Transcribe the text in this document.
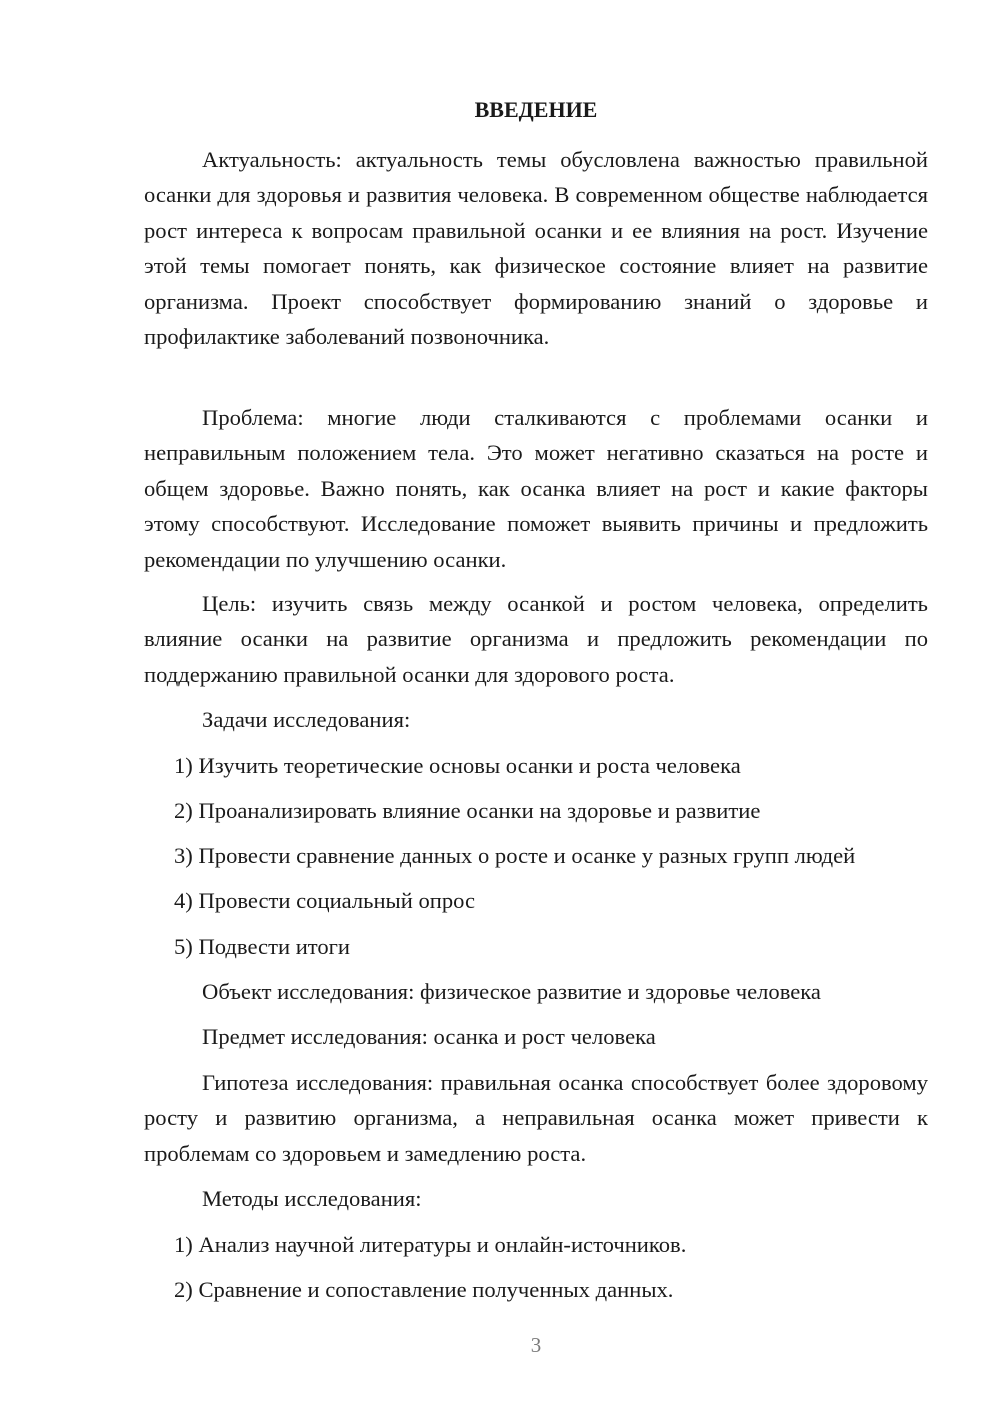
ВВЕДЕНИЕ

Актуальность: актуальность темы обусловлена важностью правильной осанки для здоровья и развития человека. В современном обществе наблюдается рост интереса к вопросам правильной осанки и ее влияния на рост. Изучение этой темы помогает понять, как физическое состояние влияет на развитие организма. Проект способствует формированию знаний о здоровье и профилактике заболеваний позвоночника.

Проблема: многие люди сталкиваются с проблемами осанки и неправильным положением тела. Это может негативно сказаться на росте и общем здоровье. Важно понять, как осанка влияет на рост и какие факторы этому способствуют. Исследование поможет выявить причины и предложить рекомендации по улучшению осанки.

Цель: изучить связь между осанкой и ростом человека, определить влияние осанки на развитие организма и предложить рекомендации по поддержанию правильной осанки для здорового роста.

Задачи исследования:
1) Изучить теоретические основы осанки и роста человека
2) Проанализировать влияние осанки на здоровье и развитие
3) Провести сравнение данных о росте и осанке у разных групп людей
4) Провести социальный опрос
5) Подвести итоги
Объект исследования: физическое развитие и здоровье человека
Предмет исследования: осанка и рост человека

Гипотеза исследования: правильная осанка способствует более здоровому росту и развитию организма, а неправильная осанка может привести к проблемам со здоровьем и замедлению роста.

Методы исследования:
1) Анализ научной литературы и онлайн-источников.
2) Сравнение и сопоставление полученных данных.
3
